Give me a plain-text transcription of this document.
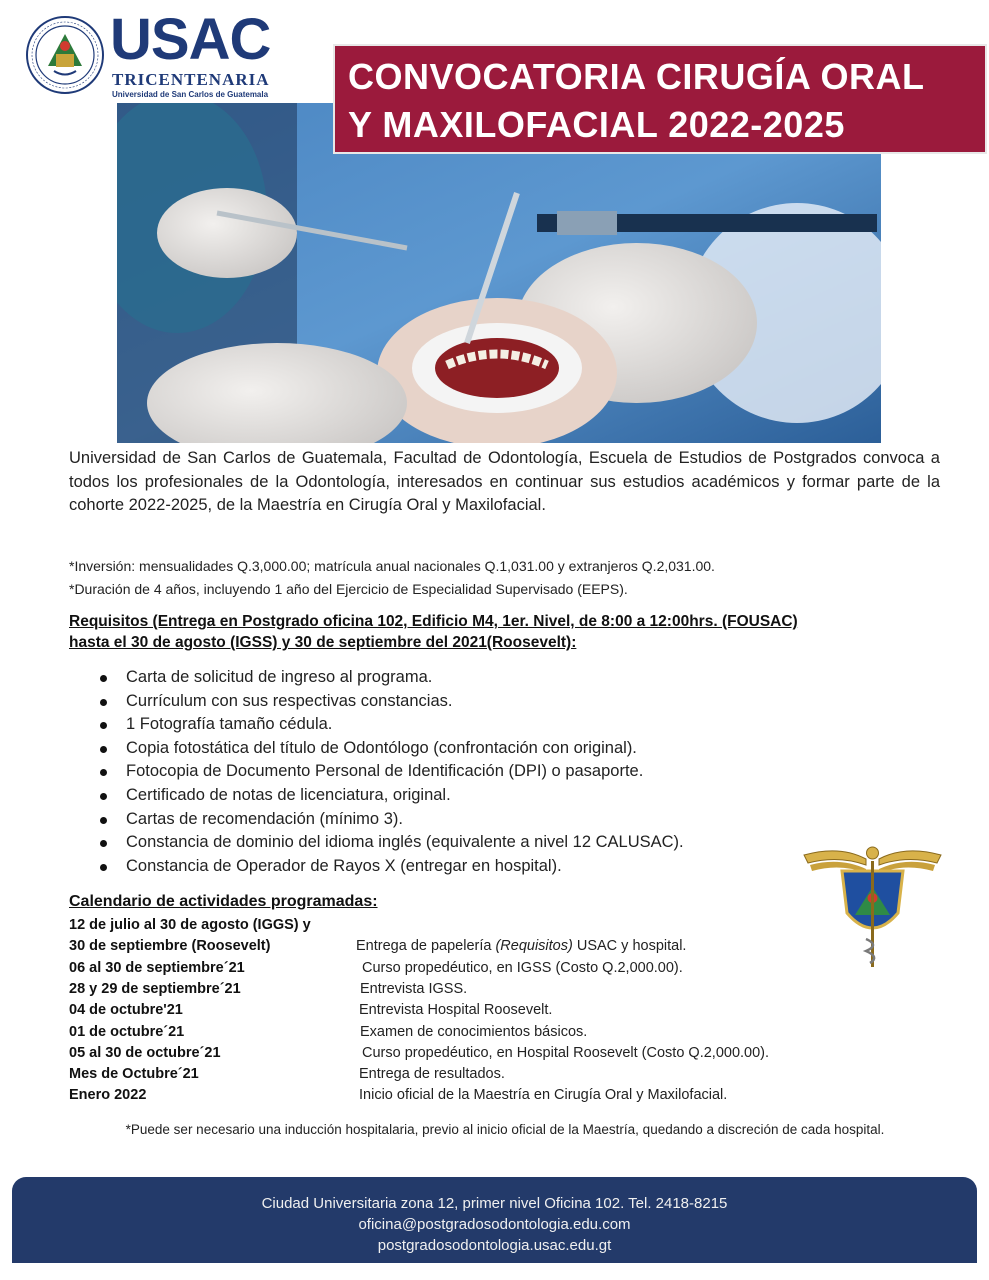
USAC
TRICENTENARIA
Universidad de San Carlos de Guatemala CONVOCATORIA CIRUGÍA ORAL
Y MAXILOFACIAL 2022-2025
Universidad de San Carlos de Guatemala, Facultad de Odontología, Escuela de Estudios de Postgrados convoca a todos los profesionales de la Odontología, interesados en continuar sus estudios académicos y formar parte de la cohorte 2022-2025, de la Maestría en Cirugía Oral y Maxilofacial.
*Inversión: mensualidades Q.3,000.00; matrícula anual nacionales Q.1,031.00 y extranjeros Q.2,031.00.
*Duración de 4 años, incluyendo 1 año del Ejercicio de Especialidad Supervisado (EEPS).
Requisitos (Entrega en Postgrado oficina 102, Edificio M4, 1er. Nivel, de 8:00 a 12:00hrs. (FOUSAC)
hasta el 30 de agosto (IGSS) y 30 de septiembre del 2021(Roosevelt):
Carta de solicitud de ingreso al programa.
Currículum con sus respectivas constancias.
1 Fotografía tamaño cédula.
Copia fotostática del título de Odontólogo (confrontación con original).
Fotocopia de Documento Personal de Identificación (DPI) o pasaporte.
Certificado de notas de licenciatura, original.
Cartas de recomendación (mínimo 3).
Constancia de dominio del idioma inglés (equivalente a nivel 12 CALUSAC).
Constancia de Operador de Rayos X (entregar en hospital).
Calendario de actividades programadas:
12 de julio al 30 de agosto (IGGS) y
30 de septiembre (Roosevelt)	Entrega de papelería (Requisitos) USAC y hospital.
06 al 30 de septiembre´21	Curso propedéutico, en IGSS (Costo Q.2,000.00).
28 y 29 de septiembre´21	Entrevista IGSS.
04 de octubre'21	Entrevista Hospital Roosevelt.
01 de octubre´21	Examen de conocimientos básicos.
05 al 30 de octubre´21	Curso propedéutico, en Hospital Roosevelt (Costo Q.2,000.00).
Mes de Octubre´21	Entrega de resultados.
Enero 2022	Inicio oficial de la Maestría en Cirugía Oral y Maxilofacial.
*Puede ser necesario una inducción hospitalaria, previo al inicio oficial de la Maestría, quedando a discreción de cada hospital.
Ciudad Universitaria zona 12, primer nivel Oficina 102. Tel. 2418-8215
oficina@postgradosodontologia.edu.com
postgradosodontologia.usac.edu.gt
